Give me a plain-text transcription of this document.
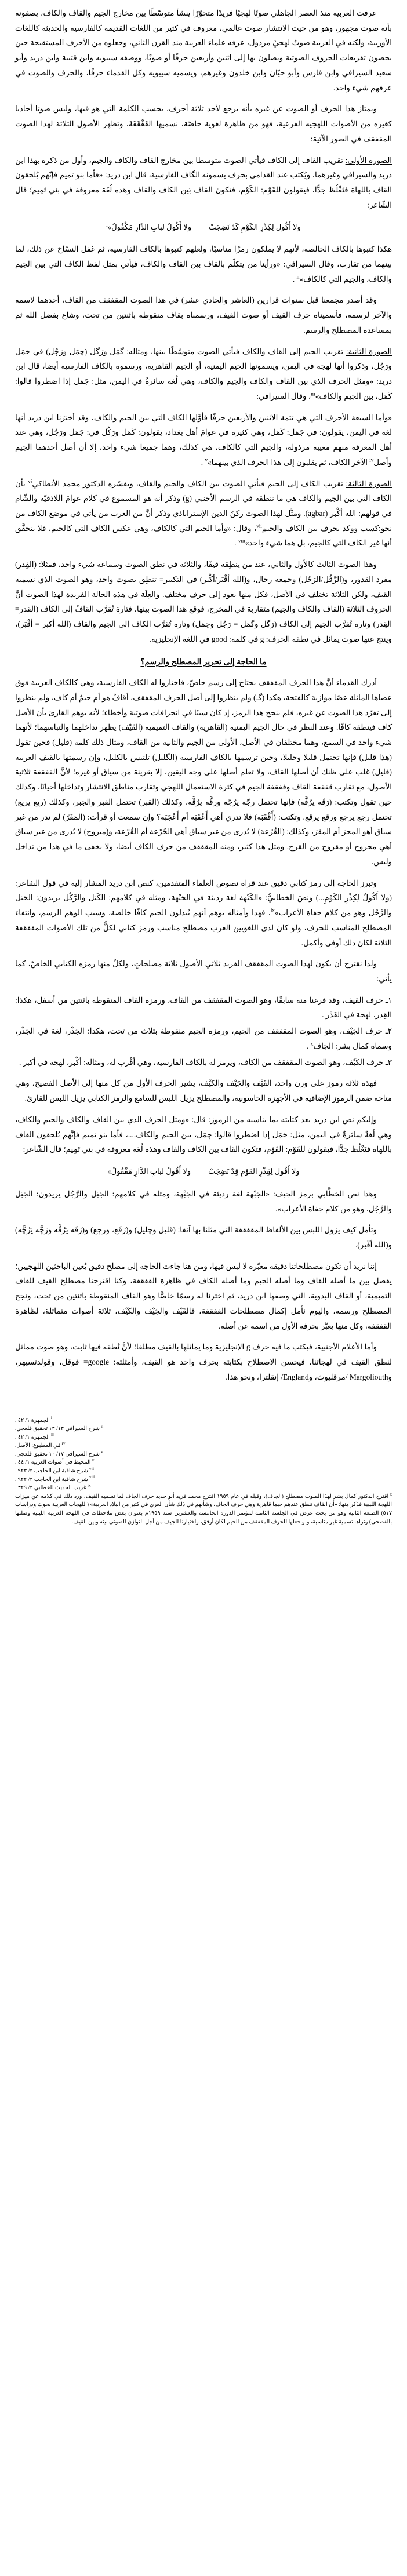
عرفت العربية منذ العصر الجاهلي صوتًا لهجيًا فريدًا متحوّرًا ينشأ متوسّطًا بين مخارج الجيم والقاف والكاف، يصفونه بأنه صوت مجهور، وهو من حيث الانتشار صوت عالمي، معروف في كثير من اللغات القديمة كالفارسية والحديثة كاللغات الأوربية، ولكنه في العربية صوتٌ لهجيٌ مرذول، عرفه علماء العربية منذ القرن الثاني، وجعلوه من الأحرف المستقبحة حين يحصون تفريعات الحروف الصوتية ويصلون بها إلى اثنين وأربعين حرفًا أو صوتًا، ووصفه سيبويه وابن قتيبة وابن دريد وأبو سعيد السيرافي وابن فارس وأبو حيّان وابن خلدون وغيرهم، ويسميه سيبويه وكل القدماء حرفًا، والحرف والصوت في عرفهم شيء واحد.

ويمتاز هذا الحرف أو الصوت عن غيره بأنه يرجع لأحد ثلاثة أحرف، بحسب الكلمة التي هو فيها، وليس صوتا أحاديا كغيره من الأصوات اللهجيه الفرعية، فهو من ظاهرة لغوية خاصّة، نسميها القَفْقَفَةَ، وتظهر الأصول الثلاثة لهذا الصوت المقفقف في الصور الآتية:

الصورة الأولى: تقريب القاف إلى الكاف فيأتي الصوت متوسطا بين مخارج القاف والكاف والجيم، وأول من ذكره بهذا ابن دريد والسيرافي وغيرهما، ويُكتب عند القدامى بحرف يسمونه الگاف الفارسية، قال ابن دريد: «فأما بنو تميم فإنّهم يُلحقون القاف باللهاة فتَغْلُظ جدًّا، فيقولون للقَوْم: الكَوْم، فتكون القاف بَين الكاف والقاف وهذه لُغَة معروفة في بني تَمِيم؛ قال الشّاعر:

ولا أَكُول لِكِذْرِ الكَوْمِ كَدْ نَضِجَتْولا أَكُولُ لبابِ الدَّارِ مَكْفُولُ»$^i$

هكذا كتبوها بالكاف الخالصة، لأنهم لا يملكون رمزًا مناسبًا، ولعلهم كتبوها بالكاف الفارسية، ثم غفل النسّاخ عن ذلك، لما بينهما من تقارب، وقال السيرافي: «ورأينا من يتكلّم بالقاف بين القاف والكاف، فيأتي بمثل لفظ الكاف التي بين الجيم والكاف، والجيم التي كالكاف»$^{ii}$ .

وقد أصدر مجمعنا قبل سنوات قرارين (العاشر والحادي عشر) في هذا الصوت المقفقف من القاف، أحدهما لاسمه والآخر لرسمه، فأسميناه حرف القيف أو صوت القيف، ورسمناه بقاف منقوطة باثنتين من تحت، وشاع بفضل الله ثم بمساعدة المصطلح والرسم.

الصورة الثانية: تقريب الجيم إلى القاف والكاف فيأتي الصوت متوسّطًا بينها، ومثاله: گمَل ورَگل (چمَل ورَچُل) في جَمَل ورَجُل، وذكروا أنها لهجة في اليمن، ويسمونها الجيم اليمنية، أو الجيم القاهرية، ورسموه بالكاف الفارسية أيضا، قال ابن دريد: «ومثل الحرف الذي بين القاف والكاف والجيم والكاف، وهي لُغة سائرةٌ في اليمن، مثل: جَمَل إذا اضطروا قالوا: كَمَل، بين الجيم والكاف»$^{iii}$، وقال السيرافي:

«وأما السبعة الأحرف التي هي تتمة الاثنين والأربعين حرفًا فأوَّلها الكاف التي بين الجيم والكاف، وقد أخبَرَنا ابن دريد أنها لغة في اليمن، يقولون: في جَمَل: كَمَل، وهي كثيرة في عوامَ أهل بغداد، يقولون: كَمَل ورَكُل في: جَمَل ورَجُل، وهي عند أهل المعرفة منهم معيبة مرذولة، والجيم التي كالكاف، هي كذلك، وهما جميعا شيء واحد، إلا أن أصل أحدهما الجيم وأصل$^{iv}$ الآخر الكاف، ثم يقلبون إلى هذا الحرف الذي بينهما»$^v$ .

الصورة الثالثة: تقريب الكاف إلى الجيم فيأتي الصوت بين الكاف والجيم والقاف، ويفسّره الدكتور محمد الأنطاكي$^{vi}$ بأن الكاف التي بين الجيم والكاف هي ما ننطقه في الرسم الأجنبي (g) وذكر أنه هو المسموع في كلام عوامَ اللاذقيّة والشّام في قولهم: الله أكْبر (agbar). ومثَّل لهذا الصوت ركنُ الدين الإستراباذي وذكر أنَّ من العرب من يأتي في موضع الكاف من نحو:كسب ووكد بحرف بين الكاف والجيم$^{vii}$، وقال: «وأما الجيم التي كالكاف، وهي عكس الكاف التي كالجيم، فلا يتحقَّق أنها غير الكاف التي كالجيم، بل هما شيء واحد»$^{viii}$ .

وهذا الصوت الثالث كالأول والثاني، عند من ينطِقه قيفًا، والثلاثة في نطق الصوت وسماعه شيء واحد، فمثلا: (القِدر) مفرد القدور، و(الرَّقُل/الرَجُل) وجمعه رجال، و(الله أقْبَر/أكْبر) في التكبير= تنطِق بصوت واحد، وهو الصوت الذي نسميه القيف، ولكن الثلاثة تختلف في الأصل، فكل منها يعود إلى حرف مختلف. والعِلَة في هذه الحالة الفريدة لهذا الصوت أنَّ الحروف الثلاثة (القاف والكاف والجيم) متقاربة في المخرج، فوقع هذا الصوت بينها، فتارة تُقرَّب القافُ إلى الكاف (القدر= القِدر) وتارة تُقرَّب الجيم إلى الكاف (رَگل وگمَل = رَجُل وچمَل) وتارة تُقرَّب الكاف إلى الجيم والقاف (الله أكبر = أقْبَر)، وينتج عنها صوت يماثل في نطقه الحرف: g في كلمة: good في اللغة الإنجليزية.

ما الحاجة إلى تحرير المصطلح والرسم؟

أدرك القدماء أنَّ هذا الحرف المقفقف يحتاج إلى رسم خاصّ، فاختاروا له الكاف الفارسية، وهي كالكاف العربية فوق عصاها المائلة عصًا موازية كالفتحة، هكذا (گـ) ولم ينظروا إلى أصل الحرف المقفقف، أقافٌ هو أم جيمٌ أم كاف، ولم ينظروا إلى تفرّد هذا الصوت عن غيره، فلم ينجح هذا الرمز، إذ كان سببًا في انحرافات صوتية وأخطاء؛ لأنه يوهم القارئ بأن الأصل كاف فينطقه كافًا. وعند النظر في حال الجيم اليمنية (القاهرية) والقاف التميمية (القَيْف) يظهر تداخلهما والتباسهما؛ لأنهما شيء واحد في السمع، وهما مختلفان في الأصل، الأولى من الجيم والثانية من القاف، ومثال ذلك كلمة (قليل) فحين تقول (هذا قليل) فإنها تحتمل قليلا وجليلا، وحين ترسمها بالكاف الفارسية (الگليل) تلتبس بالكليل، وإن رسمتها بالقيف العربية (قليل) غلب على ظنك أن أصلها القاف، ولا تعلم أصلها على وجه اليقين، إلا بقرينة من سياق أو غيره؛ لأنَّ القفقفة ثلاثية الأصول، مع تقارب قفقفة القاف وقفقفة الجيم في كثرة الاستعمال اللهجي وتقارب مناطق الانتشار وتداخلها أحيانًا، وكذلك حين تقول وتكتب: (رَقَه يرُقَّه) فإنها تحتمل رجّه يرُجّه ورقَّه يرُقَّه، وكذلك (القبر) تحتمل القبر والجبر، وكذلك (ريع يريع) تحتمل رجع يرجع ورقع يرقع. وتكتب: (أَقْقَبَه) فلا تدري أهي أَعْقَبَه أم أَعْجَبَه؟ وإن سمعت أو قرأت: (المَقَرّ) لم تدر من غير سياق أهو المجرَ أم المقرَ، وكذلك: (القُرْعة) لا يُدرى من غير سياق أهي الجُرْعة أم القُرْعة، و(ميروح) لا يُدرى من غير سياق أهي مجروح أو مقروح من القرح. ومثل هذا كثير، ومنه المقفقف من حرف الكاف أيضا، ولا يخفى ما في هذا من تداخل ولبس.

وتبرز الحاجة إلى رمز كتابي دقيق عند قراة نصوص العلماء المتقدمين، كنص ابن دريد المشار إليه في قول الشاعر: (ولا أَكُولُ لِكِذْرِ الكَوْمِ...) ونصَ الخطابيُّ: «الكَبْهة لغة رديئة في الجَبْهة، ومثله في كلامهم: الكَبَل والرَّكُل يريدون: الجَبَل والرَّجُل وهو من كلام جفاة الأعراب»$^{ix}$، فهذا وأمثاله يوهم أنهم يُبدلون الجيم كافًا خالصة، وسبب الوهم الرسم، وانتفاء المصطلح المناسب للحرف، ولو كان لدى اللغويين العرب مصطلح مناسب ورمز كتابي لكلٌّ من تلك الأصوات المقفقفة الثلاثة لكان ذلك أوفى وأكمل.

ولذا نقترح أن يكون لهذا الصوت المقفقف الفريد ثلاثي الأصول ثلاثة مصلحاتٍ، ولكلٌ منها رمزه الكتابي الخاصّ، كما يأتي:

١ـ حرف القيف، وقد فرغنا منه سابقًا، وهو الصوت المقفقف من القاف، ورمزه القاف المنقوطة باثنتين من أسفل، هكذا: القِدر، لهجة في القَدْر .
٢ـ حرف الجَيْف، وهو الصوت المقفقف من الجيم، ورمزه الجيم منقوطة بثلاث من تحت، هكذا: الجَذْر، لغة في الجَذْر، وسماه كمال بشر: الجاف$^x$ .
٣ـ حرف الكَيْف، وهو الصوت المقفقف من الكاف، ويرمز له بالكاف الفارسية، وهي أقْرب له، ومثاله: أكْبر، لهجة في أكبر .

فهذه ثلاثة رموز على وزن واحد، القَيْف والجَيْف والكَيْف، يشير الحرف الأول من كل منها إلى الأصل الفصيح، وهي متاحة ضمن الرموز الإضافية في الأجهزة الحاسوبية، والمصطلح يزيل اللبس للسامع والرمز الكتابي يزيل اللبس للقارئ.

وإليكم نص ابن دريد بعد كتابته بما يناسبه من الرموز: قال: «ومثل الحرف الذي بين القاف والكاف والجيم والكاف، وهي لُغةٌ سائرةٌ في اليمن، مثل: جَمَل إذا اضطروا قالوا: چمَل، بين الجيم والكاف....، فأما بنو تميم فإنَّهم يُلحقون القاف باللهاة فتَغْلُظ جدًّا، فيقولون للقَوْم: القَوْم، فتكون القاف بين الكاف والقاف وهذه لُغَة معروفة في بني تَمِيم؛ قال الشّاعر:

ولا أَقُول لِقِذْرِ القَوْمِ قِدْ نَضِجَتْولا أَقُولُ لبابِ الدَّارِ مَقْفُولُ»

وهذا نص الخطَّابي برمز الجيف: «الجَبْهة لغة رديئة في الجَبْهة، ومثله في كلامهم: الجَبَل والرَّجُل يريدون: الجَبَل والرَّجُل، وهو من كلام جفاة الأعراب».

وتأمل كيف يزول اللبس بين الألفاظ المقفقفة التي مثلنا بها آنفا: (قليل وچليل) و(رَقَع، ورچع) و(رَقَه يَرُقَّه ورَچَّه يَرُچَّه) و(الله أقْبر).

إننا نريد أن تكون مصطلحاتنا دقيقة معبّرة لا لبس فيها، ومن هنا جاءت الحاجة إلى مصلح دقيق يُعين الباحثين اللهجيين؛ يفصل بين ما أصله القاف وما أصله الجيم وما أصله الكاف في ظاهرة القفقفة، وكنا اقترحنا مصطلحَ القيف للقاف التميمية، أو القاف البدوية، التي وصفها ابن دريد، ثم اخترنا له رسمًا خاصًّا وهو القاف المنقوطة باثنتين من تحت، ونجح المصطلح ورسمه، واليوم نأمل إكمال مصطلحات القفقفة، فالقَيْف والجَيْف والكَيْف، ثلاثة أصوات متماثلة، لظاهرة القفقفة، وكل منها يعبَّر بحرفه الأول من اسمه عن أصله.

وأما الأعلام الأجنبية، فيكتب ما فيه حرف g الإنجليزية وما يماثلها بالقيف مطلقا؛ لأنَّ نُطقه فيها ثابت، وهو صوت مماثل لنطق القيف في لهجاتنا، فيحسن الاصطلاح بكتابته بحرف واحد هو القيف، وأمثلته: google= قوقل، وقولدتسيهر، وMargoliouth /مرقليوث، وEngland/ إنقلترا، ونحو هذا.

$^i$الجمهرة ١/ ٤٢ .
$^{ii}$شرح السيرافي ١٣/ ١٣ تحقيق قلعجي.
$^{iii}$الجمهرة ١/ ٤٢ .
$^{iv}$في المطبوع: الأصل.
$^v$شرح السيرافي ١٧/ ١٠ تحقيق قلعجي.
$^{vi}$المحيط في أصوات العربية ١/ ٤٤ .
$^{vii}$شرح شافية ابن الحاجب ٢/ ٩٢٣ .
$^{viii}$شرح شافية ابن الحاجب ٢/ ٩٢٢ .
$^{ix}$غريب الحديث للخطابي ٢/ ٣٢٩ .
$^x$اقترح الدكتور كمال بشر لهذا الصوت مصطلح (الجاف)، وقبله في عام ١٩٥٩ اقترح محمد فريد أبو حديد حرف الجاف لما نسميه القيف، ورد ذلك في كلامه عن ميزات اللهجة الليبية فذكر منها: «أن القاف تنطق عندهم جيما قاهرية وهي حرف الجاف، وشأنهم في ذلك شأن العري في كثير من البلاد العربية» (اللهجات العربية بحوث ودراسات ٥١٧) الطبعة الثانية وهو من بحث عرض في الجلسة الثامنة لمؤتمر الدورة الخامسة والعشرين سنة ١٩٥٩م بعنوان بعض ملاحظات في اللهجة العربية الليبية وصلتها بالفصحى) ونراها تسمية غير مناسبة، ولو جعلها للحرف المقفقف من الجيم لكان أوفق، واختيارنا للجيف من أجل التوازن الصوتي بينه وبين القيف.
